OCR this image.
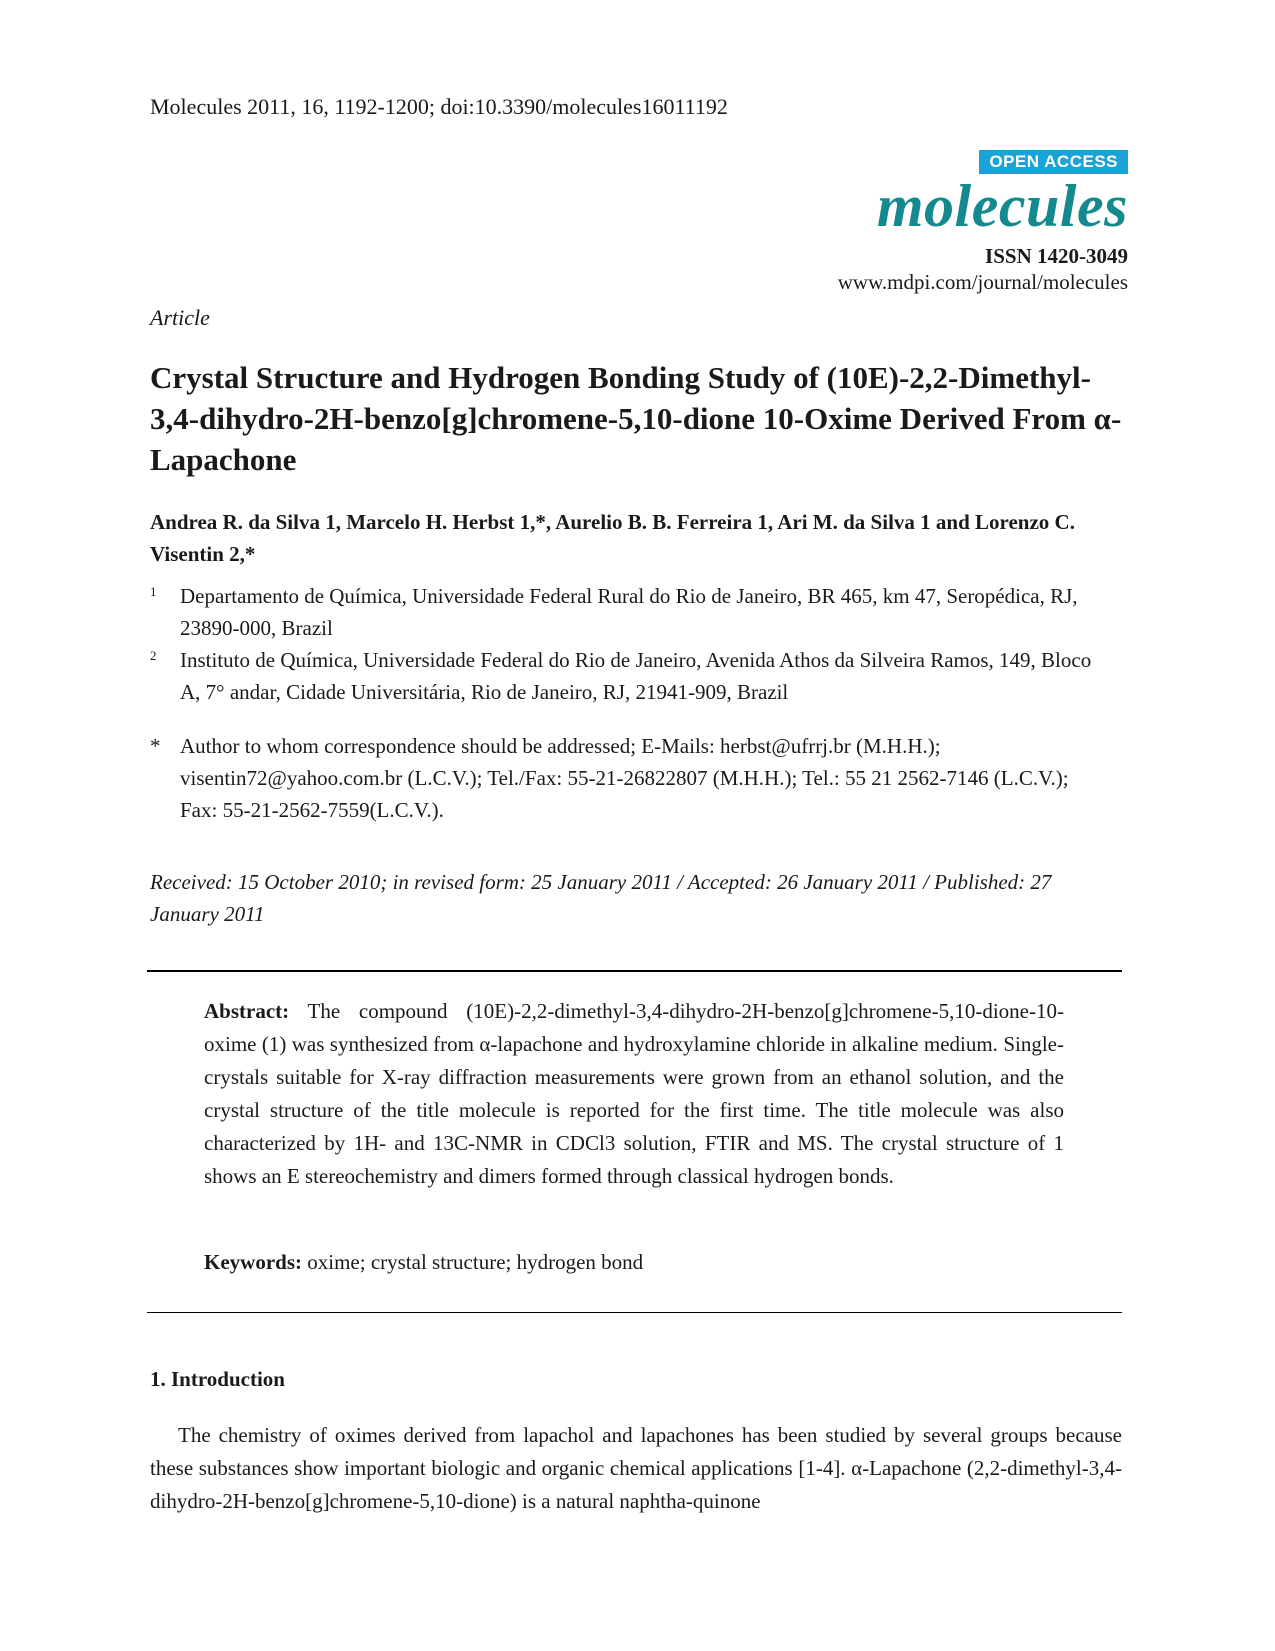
Molecules 2011, 16, 1192-1200; doi:10.3390/molecules16011192
OPEN ACCESS
molecules
ISSN 1420-3049
www.mdpi.com/journal/molecules
Article
Crystal Structure and Hydrogen Bonding Study of (10E)-2,2-Dimethyl-3,4-dihydro-2H-benzo[g]chromene-5,10-dione 10-Oxime Derived From α-Lapachone
Andrea R. da Silva 1, Marcelo H. Herbst 1,*, Aurelio B. B. Ferreira 1, Ari M. da Silva 1 and Lorenzo C. Visentin 2,*
1 Departamento de Química, Universidade Federal Rural do Rio de Janeiro, BR 465, km 47, Seropédica, RJ, 23890-000, Brazil
2 Instituto de Química, Universidade Federal do Rio de Janeiro, Avenida Athos da Silveira Ramos, 149, Bloco A, 7° andar, Cidade Universitária, Rio de Janeiro, RJ, 21941-909, Brazil
* Author to whom correspondence should be addressed; E-Mails: herbst@ufrrj.br (M.H.H.); visentin72@yahoo.com.br (L.C.V.); Tel./Fax: 55-21-26822807 (M.H.H.); Tel.: 55 21 2562-7146 (L.C.V.); Fax: 55-21-2562-7559(L.C.V.).
Received: 15 October 2010; in revised form: 25 January 2011 / Accepted: 26 January 2011 / Published: 27 January 2011
Abstract: The compound (10E)-2,2-dimethyl-3,4-dihydro-2H-benzo[g]chromene-5,10-dione-10-oxime (1) was synthesized from α-lapachone and hydroxylamine chloride in alkaline medium. Single-crystals suitable for X-ray diffraction measurements were grown from an ethanol solution, and the crystal structure of the title molecule is reported for the first time. The title molecule was also characterized by 1H- and 13C-NMR in CDCl3 solution, FTIR and MS. The crystal structure of 1 shows an E stereochemistry and dimers formed through classical hydrogen bonds.
Keywords: oxime; crystal structure; hydrogen bond
1. Introduction
The chemistry of oximes derived from lapachol and lapachones has been studied by several groups because these substances show important biologic and organic chemical applications [1-4]. α-Lapachone (2,2-dimethyl-3,4-dihydro-2H-benzo[g]chromene-5,10-dione) is a natural naphtha-quinone
